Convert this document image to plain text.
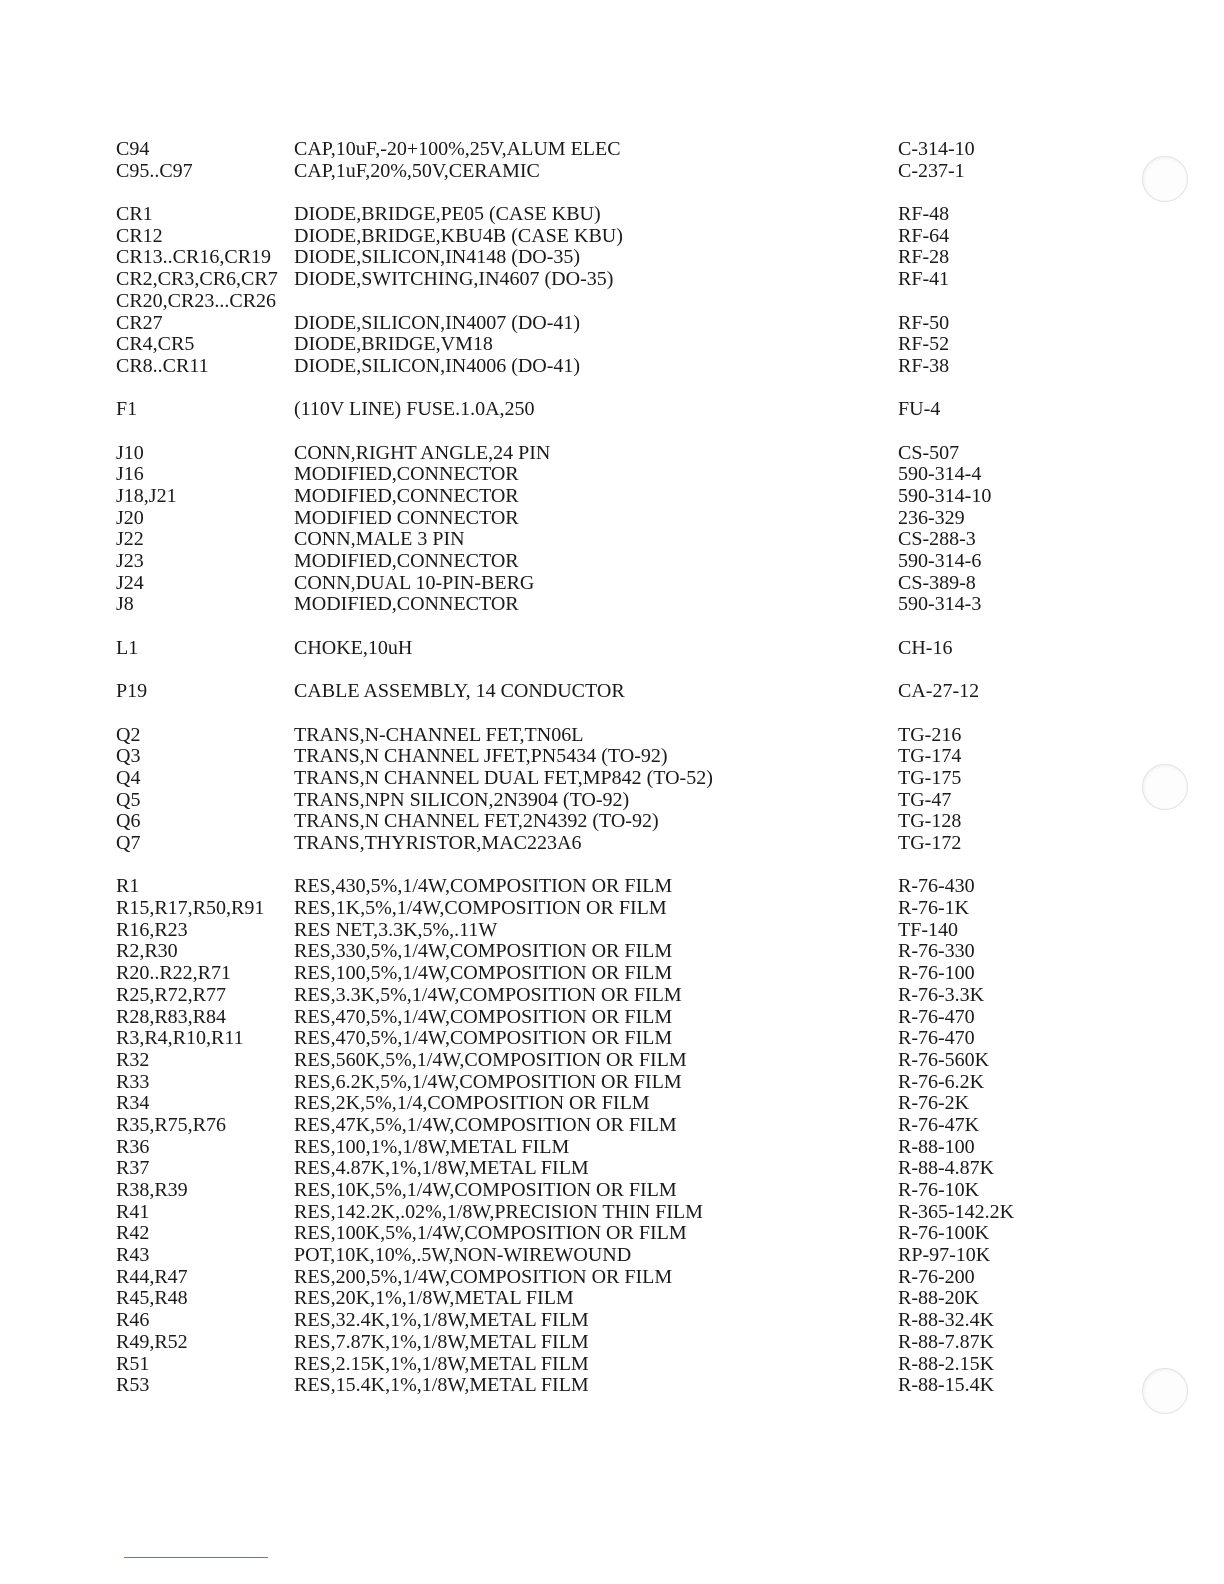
C94	CAP,10uF,-20+100%,25V,ALUM ELEC	C-314-10
C95..C97	CAP,1uF,20%,50V,CERAMIC	C-237-1
CR1	DIODE,BRIDGE,PE05 (CASE KBU)	RF-48
CR12	DIODE,BRIDGE,KBU4B (CASE KBU)	RF-64
CR13..CR16,CR19 DIODE,SILICON,IN4148 (DO-35)	RF-28
CR2,CR3,CR6,CR7 DIODE,SWITCHING,IN4607 (DO-35)	RF-41
CR20,CR23...CR26
CR27	DIODE,SILICON,IN4007 (DO-41)	RF-50
CR4,CR5	DIODE,BRIDGE,VM18	RF-52
CR8..CR11	DIODE,SILICON,IN4006 (DO-41)	RF-38
F1	(110V LINE) FUSE.1.0A,250	FU-4
J10	CONN,RIGHT ANGLE,24 PIN	CS-507
J16	MODIFIED,CONNECTOR	590-314-4
J18,J21	MODIFIED,CONNECTOR	590-314-10
J20	MODIFIED CONNECTOR	236-329
J22	CONN,MALE 3 PIN	CS-288-3
J23	MODIFIED,CONNECTOR	590-314-6
J24	CONN,DUAL 10-PIN-BERG	CS-389-8
J8	MODIFIED,CONNECTOR	590-314-3
L1	CHOKE,10uH	CH-16
P19	CABLE ASSEMBLY, 14 CONDUCTOR	CA-27-12
Q2	TRANS,N-CHANNEL FET,TN06L	TG-216
Q3	TRANS,N CHANNEL JFET,PN5434 (TO-92)	TG-174
Q4	TRANS,N CHANNEL DUAL FET,MP842 (TO-52)	TG-175
Q5	TRANS,NPN SILICON,2N3904 (TO-92)	TG-47
Q6	TRANS,N CHANNEL FET,2N4392 (TO-92)	TG-128
Q7	TRANS,THYRISTOR,MAC223A6	TG-172
R1	RES,430,5%,1/4W,COMPOSITION OR FILM	R-76-430
R15,R17,R50,R91 RES,1K,5%,1/4W,COMPOSITION OR FILM	R-76-1K
R16,R23	RES NET,3.3K,5%,.11W	TF-140
R2,R30	RES,330,5%,1/4W,COMPOSITION OR FILM	R-76-330
R20..R22,R71	RES,100,5%,1/4W,COMPOSITION OR FILM	R-76-100
R25,R72,R77	RES,3.3K,5%,1/4W,COMPOSITION OR FILM	R-76-3.3K
R28,R83,R84	RES,470,5%,1/4W,COMPOSITION OR FILM	R-76-470
R3,R4,R10,R11	RES,470,5%,1/4W,COMPOSITION OR FILM	R-76-470
R32	RES,560K,5%,1/4W,COMPOSITION OR FILM	R-76-560K
R33	RES,6.2K,5%,1/4W,COMPOSITION OR FILM	R-76-6.2K
R34	RES,2K,5%,1/4,COMPOSITION OR FILM	R-76-2K
R35,R75,R76	RES,47K,5%,1/4W,COMPOSITION OR FILM	R-76-47K
R36	RES,100,1%,1/8W,METAL FILM	R-88-100
R37	RES,4.87K,1%,1/8W,METAL FILM	R-88-4.87K
R38,R39	RES,10K,5%,1/4W,COMPOSITION OR FILM	R-76-10K
R41	RES,142.2K,.02%,1/8W,PRECISION THIN FILM	R-365-142.2K
R42	RES,100K,5%,1/4W,COMPOSITION OR FILM	R-76-100K
R43	POT,10K,10%,.5W,NON-WIREWOUND	RP-97-10K
R44,R47	RES,200,5%,1/4W,COMPOSITION OR FILM	R-76-200
R45,R48	RES,20K,1%,1/8W,METAL FILM	R-88-20K
R46	RES,32.4K,1%,1/8W,METAL FILM	R-88-32.4K
R49,R52	RES,7.87K,1%,1/8W,METAL FILM	R-88-7.87K
R51	RES,2.15K,1%,1/8W,METAL FILM	R-88-2.15K
R53	RES,15.4K,1%,1/8W,METAL FILM	R-88-15.4K
